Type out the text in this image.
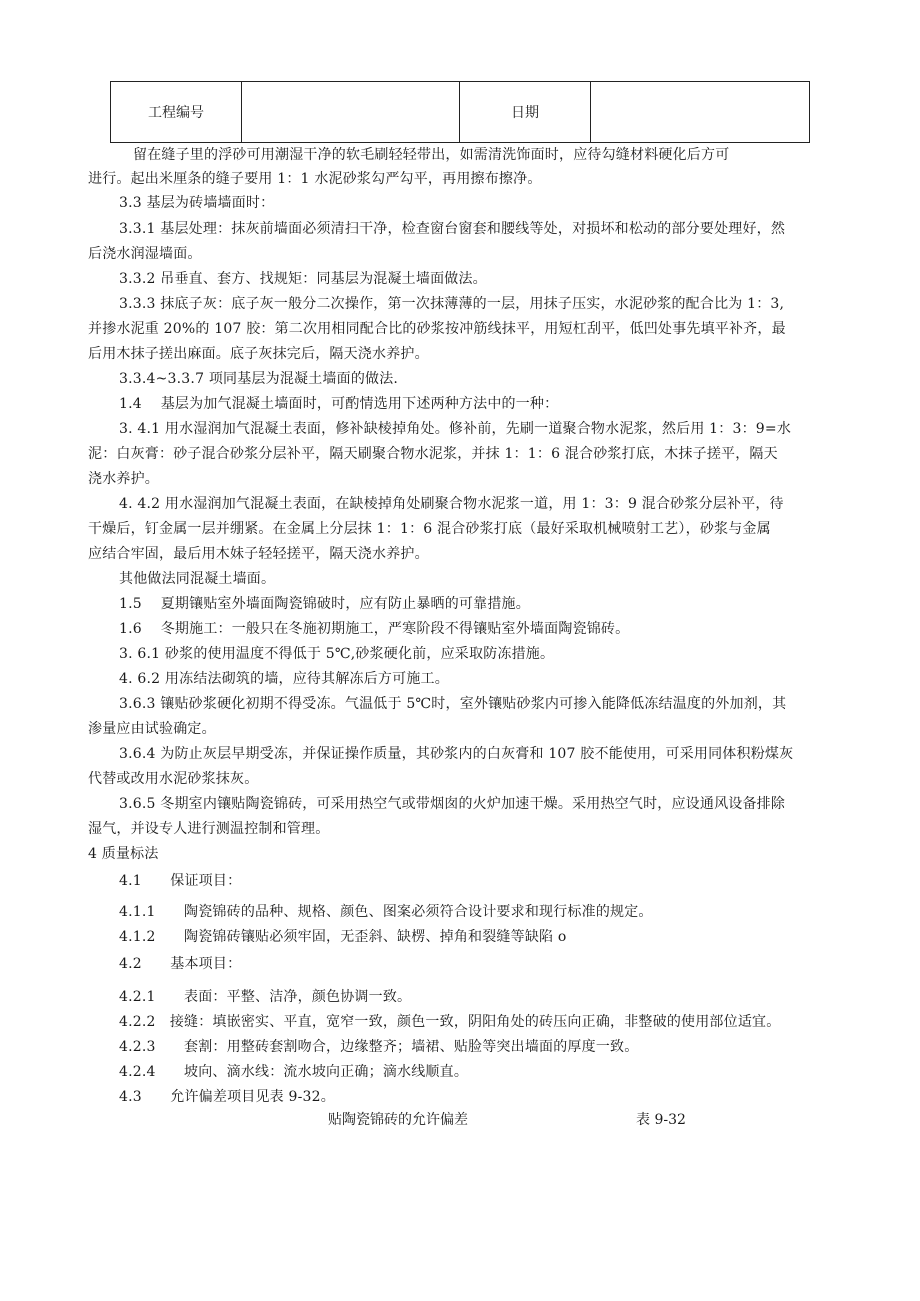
工程编号		日期	
留在缝子里的浮砂可用潮湿干净的软毛刷轻轻带出，如需清洗饰面时，应待勾缝材料硬化后方可
进行。起出米厘条的缝子要用 1：1 水泥砂浆勾严勾平，再用擦布擦净。
3.3 基层为砖墙墙面时：
3.3.1 基层处理：抹灰前墙面必须清扫干净，检查窗台窗套和腰线等处，对损坏和松动的部分要处理好，然
后浇水润湿墙面。
3.3.2 吊垂直、套方、找规矩：同基层为混凝土墙面做法。
3.3.3 抹底子灰：底子灰一般分二次操作，第一次抹薄薄的一层，用抹子压实，水泥砂浆的配合比为 1：3,
并掺水泥重 20%的 107 胶：第二次用相同配合比的砂浆按冲筋线抹平，用短杠刮平，低凹处事先填平补齐，最
后用木抹子搓出麻面。底子灰抹完后，隔天浇水养护。
3.3.4~3.3.7 项同基层为混凝土墙面的做法.
1.4　 基层为加气混凝土墙面时，可酌情选用下述两种方法中的一种：
3. 4.1 用水湿润加气混凝土表面，修补缺棱掉角处。修补前，先刷一道聚合物水泥浆，然后用 1：3：9=水
泥：白灰膏：砂子混合砂浆分层补平，隔天刷聚合物水泥浆，并抹 1：1：6 混合砂浆打底，木抹子搓平，隔天
浇水养护。
4. 4.2 用水湿润加气混凝土表面，在缺棱掉角处刷聚合物水泥浆一道，用 1：3：9 混合砂浆分层补平，待
干燥后，钉金属一层并绷紧。在金属上分层抹 1：1：6 混合砂浆打底（最好采取机械喷射工艺），砂浆与金属
应结合牢固，最后用木妹子轻轻搓平，隔天浇水养护。
其他做法同混凝土墙面。
1.5　 夏期镶贴室外墙面陶瓷锦破时，应有防止暴晒的可靠措施。
1.6　 冬期施工：一般只在冬施初期施工，严寒阶段不得镶贴室外墙面陶瓷锦砖。
3. 6.1 砂浆的使用温度不得低于 5℃,砂浆硬化前，应采取防冻措施。
4. 6.2 用冻结法砌筑的墙，应待其解冻后方可施工。
3.6.3 镶贴砂浆硬化初期不得受冻。气温低于 5℃时，室外镶贴砂浆内可掺入能降低冻结温度的外加剂，其
渗量应由试验确定。
3.6.4 为防止灰层早期受冻，并保证操作质量，其砂浆内的白灰膏和 107 胶不能使用，可采用同体积粉煤灰
代替或改用水泥砂浆抹灰。
3.6.5 冬期室内镶贴陶瓷锦砖，可采用热空气或带烟囱的火炉加速干燥。采用热空气时，应设通风设备排除
湿气，并设专人进行测温控制和管理。
4 质量标法
4.1　　保证项目：
4.1.1　　陶瓷锦砖的品种、规格、颜色、图案必须符合设计要求和现行标准的规定。
4.1.2　　陶瓷锦砖镶贴必须牢固，无歪斜、缺楞、掉角和裂缝等缺陷 o
4.2　　基本项目：
4.2.1　　表面：平整、洁净，颜色协调一致。
4.2.2　接缝：填嵌密实、平直，宽窄一致，颜色一致，阴阳角处的砖压向正确，非整破的使用部位适宜。
4.2.3　　套割：用整砖套割吻合，边缘整齐；墙裙、贴脸等突出墙面的厚度一致。
4.2.4　　坡向、滴水线：流水坡向正确；滴水线顺直。
4.3　　允许偏差项目见表 9-32。
贴陶瓷锦砖的允许偏差	表 9-32
